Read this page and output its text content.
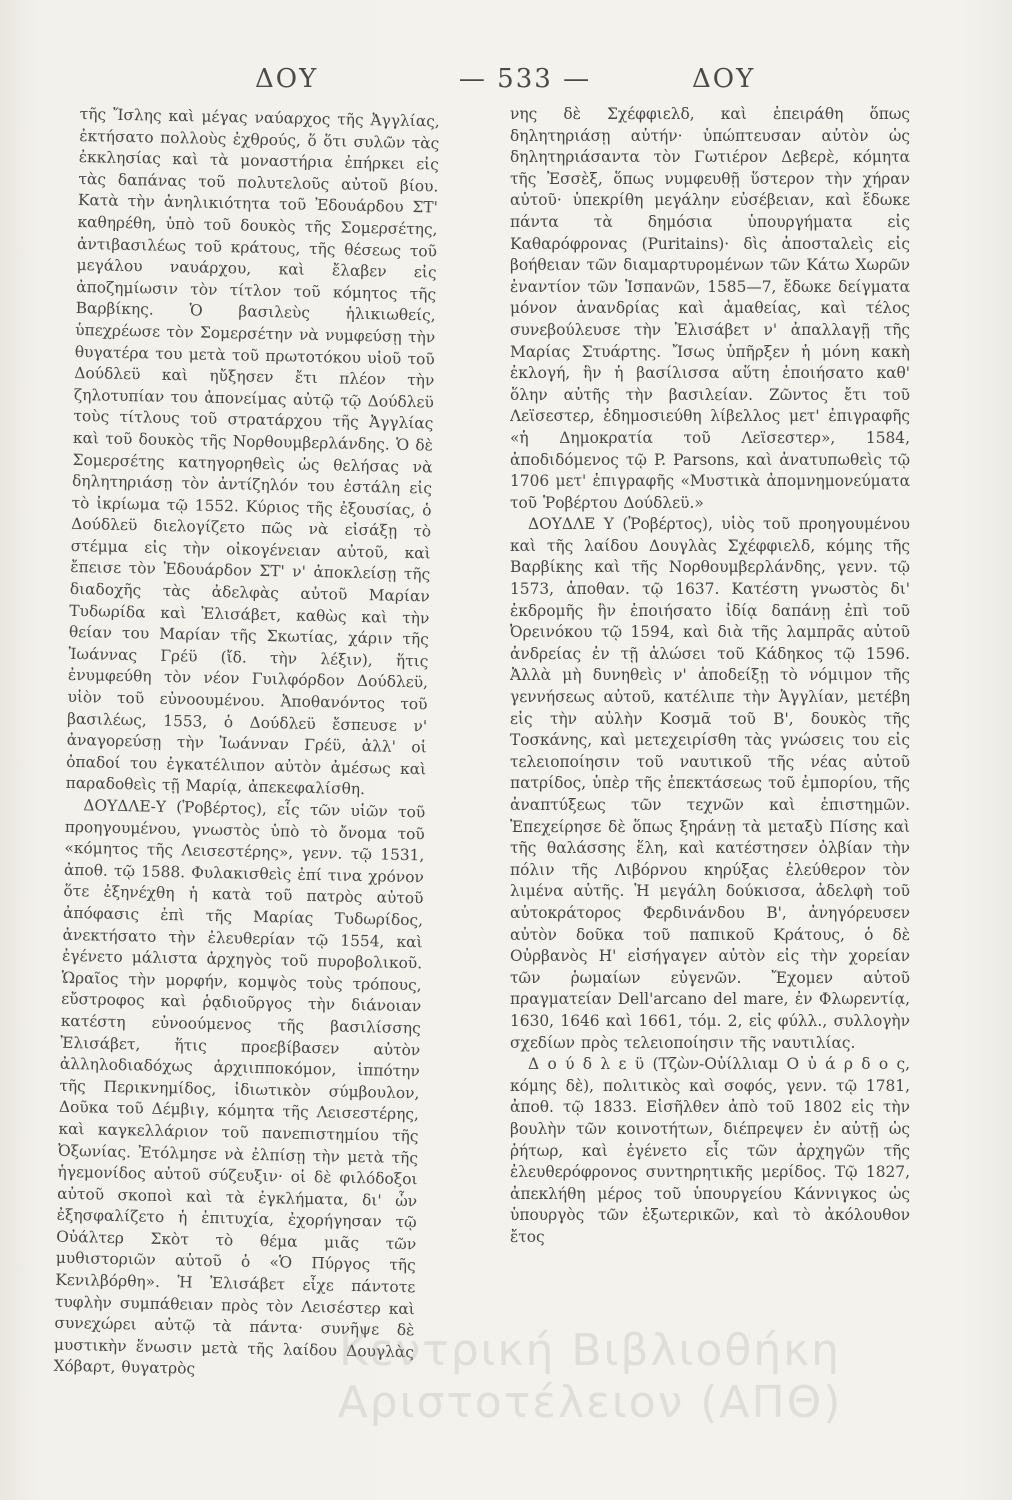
ΔΟΥ	— 533 —	ΔΟΥ

τῆς Ἴσλης καὶ μέγας ναύαρχος τῆς Ἀγγλίας, ἐκτήσατο πολλοὺς ἐχθρούς, ὅ ὅτι συλῶν τὰς ἐκκλησίας καὶ τὰ μοναστήρια ἐπήρκει εἰς τὰς δαπάνας τοῦ πολυτελοῦς αὐτοῦ βίου. Κατὰ τὴν ἀνηλικιότητα τοῦ Ἐδουάρδου ΣΤ' καθηρέθη, ὑπὸ τοῦ δουκὸς τῆς Σομερσέτης, ἀντιβασιλέως τοῦ κράτους, τῆς θέσεως τοῦ μεγάλου ναυάρχου, καὶ ἔλαβεν εἰς ἀποζημίωσιν τὸν τίτλον τοῦ κόμητος τῆς Βαρβίκης. Ὁ βασιλεὺς ἡλικιωθείς, ὑπεχρέωσε τὸν Σομερσέτην νὰ νυμφεύσῃ τὴν θυγατέρα του μετὰ τοῦ πρωτοτόκου υἱοῦ τοῦ Δούδλεϋ καὶ ηὔξησεν ἔτι πλέον τὴν ζηλοτυπίαν του ἀπονείμας αὐτῷ τῷ Δούδλεϋ τοὺς τίτλους τοῦ στρατάρχου τῆς Ἀγγλίας καὶ τοῦ δουκὸς τῆς Νορθουμβερλάνδης. Ὁ δὲ Σομερσέτης κατηγορηθεὶς ὡς θελήσας νὰ δηλητηριάσῃ τὸν ἀντίζηλόν του ἐστάλη εἰς τὸ ἰκρίωμα τῷ 1552. Κύριος τῆς ἐξουσίας, ὁ Δούδλεϋ διελογίζετο πῶς νὰ εἰσάξῃ τὸ στέμμα εἰς τὴν οἰκογένειαν αὐτοῦ, καὶ ἔπεισε τὸν Ἐδουάρδον ΣΤ' ν' ἀποκλείσῃ τῆς διαδοχῆς τὰς ἀδελφὰς αὐτοῦ Μαρίαν Τυδωρίδα καὶ Ἐλισάβετ, καθὼς καὶ τὴν θείαν του Μαρίαν τῆς Σκωτίας, χάριν τῆς Ἰωάννας Γρέϋ (ἴδ. τὴν λέξιν), ἥτις ἐνυμφεύθη τὸν νέον Γυιλφόρδον Δούδλεϋ, υἱὸν τοῦ εὐνοουμένου. Ἀποθανόντος τοῦ βασιλέως, 1553, ὁ Δούδλεϋ ἔσπευσε ν' ἀναγορεύσῃ τὴν Ἰωάνναν Γρέϋ, ἀλλ' οἱ ὀπαδοί του ἐγκατέλιπον αὐτὸν ἀμέσως καὶ παραδοθεὶς τῇ Μαρίᾳ, ἀπεκεφαλίσθη.

ΔΟΥΔΛΕ-Υ (Ῥοβέρτος), εἷς τῶν υἱῶν τοῦ προηγουμένου, γνωστὸς ὑπὸ τὸ ὄνομα τοῦ «κόμητος τῆς Λεισεστέρης», γενν. τῷ 1531, ἀποθ. τῷ 1588. Φυλακισθεὶς ἐπί τινα χρόνον ὅτε ἐξηνέχθη ἡ κατὰ τοῦ πατρὸς αὐτοῦ ἀπόφασις ἐπὶ τῆς Μαρίας Τυδωρίδος, ἀνεκτήσατο τὴν ἐλευθερίαν τῷ 1554, καὶ ἐγένετο μάλιστα ἀρχηγὸς τοῦ πυροβολικοῦ. Ὡραῖος τὴν μορφήν, κομψὸς τοὺς τρόπους, εὔστροφος καὶ ῥᾳδιοῦργος τὴν διάνοιαν κατέστη εὐνοούμενος τῆς βασιλίσσης Ἐλισάβετ, ἥτις προεβίβασεν αὐτὸν ἀλληλοδιαδόχως ἀρχιιπποκόμον, ἱππότην τῆς Περικνημίδος, ἰδιωτικὸν σύμβουλον, Δοῦκα τοῦ Δέμβιγ, κόμητα τῆς Λεισεστέρης, καὶ καγκελλάριον τοῦ πανεπιστημίου τῆς Ὀξωνίας. Ἐτόλμησε νὰ ἐλπίσῃ τὴν μετὰ τῆς ἡγεμονίδος αὐτοῦ σύζευξιν· οἱ δὲ φιλόδοξοι αὐτοῦ σκοποὶ καὶ τὰ ἐγκλήματα, δι' ὧν ἐξησφαλίζετο ἡ ἐπιτυχία, ἐχορήγησαν τῷ Οὐάλτερ Σκὸτ τὸ θέμα μιᾶς τῶν μυθιστοριῶν αὐτοῦ ὁ «Ὁ Πύργος τῆς Κενιλβόρθη». Ἡ Ἐλισάβετ εἶχε πάντοτε τυφλὴν συμπάθειαν πρὸς τὸν Λεισέστερ καὶ συνεχώρει αὐτῷ τὰ πάντα· συνῆψε δὲ μυστικὴν ἕνωσιν μετὰ τῆς λαίδου Δουγλὰς Χόβαρτ, θυγατρὸς

νης δὲ Σχέφφιελδ, καὶ ἐπειράθη ὅπως δηλητηριάσῃ αὐτήν· ὑπώπτευσαν αὐτὸν ὡς δηλητηριάσαντα τὸν Γωτιέρον Δεβερὲ, κόμητα τῆς Ἐσσὲξ, ὅπως νυμφευθῇ ὕστερον τὴν χήραν αὐτοῦ· ὑπεκρίθη μεγάλην εὐσέβειαν, καὶ ἔδωκε πάντα τὰ δημόσια ὑπουργήματα εἰς Καθαρόφρονας (Puritains)· δὶς ἀποσταλεὶς εἰς βοήθειαν τῶν διαμαρτυρομένων τῶν Κάτω Χωρῶν ἐναντίον τῶν Ἱσπανῶν, 1585—7, ἔδωκε δείγματα μόνον ἀνανδρίας καὶ ἀμαθείας, καὶ τέλος συνεβούλευσε τὴν Ἐλισάβετ ν' ἀπαλλαγῇ τῆς Μαρίας Στυάρτης. Ἴσως ὑπῆρξεν ἡ μόνη κακὴ ἐκλογή, ἣν ἡ βασίλισσα αὕτη ἐποιήσατο καθ' ὅλην αὐτῆς τὴν βασιλείαν. Ζῶντος ἔτι τοῦ Λεϊσεστερ, ἐδημοσιεύθη λίβελλος μετ' ἐπιγραφῆς «ἡ Δημοκρατία τοῦ Λεϊσεστερ», 1584, ἀποδιδόμενος τῷ P. Parsons, καὶ ἀνατυπωθεὶς τῷ 1706 μετ' ἐπιγραφῆς «Μυστικὰ ἀπομνημονεύματα τοῦ Ῥοβέρτου Δούδλεϋ.»

ΔΟΥΔΛΕ Υ (Ῥοβέρτος), υἱὸς τοῦ προηγουμένου καὶ τῆς λαίδου Δουγλὰς Σχέφφιελδ, κόμης τῆς Βαρβίκης καὶ τῆς Νορθουμβερλάνδης, γενν. τῷ 1573, ἀποθαν. τῷ 1637. Κατέστη γνωστὸς δι' ἐκδρομῆς ἣν ἐποιήσατο ἰδίᾳ δαπάνῃ ἐπὶ τοῦ Ὀρεινόκου τῷ 1594, καὶ διὰ τῆς λαμπρᾶς αὐτοῦ ἀνδρείας ἐν τῇ ἁλώσει τοῦ Κάδηκος τῷ 1596. Ἀλλὰ μὴ δυνηθεὶς ν' ἀποδείξῃ τὸ νόμιμον τῆς γεννήσεως αὐτοῦ, κατέλιπε τὴν Ἀγγλίαν, μετέβη εἰς τὴν αὐλὴν Κοσμᾶ τοῦ Β', δουκὸς τῆς Τοσκάνης, καὶ μετεχειρίσθη τὰς γνώσεις του εἰς τελειοποίησιν τοῦ ναυτικοῦ τῆς νέας αὐτοῦ πατρίδος, ὑπὲρ τῆς ἐπεκτάσεως τοῦ ἐμπορίου, τῆς ἀναπτύξεως τῶν τεχνῶν καὶ ἐπιστημῶν. Ἐπεχείρησε δὲ ὅπως ξηράνῃ τὰ μεταξὺ Πίσης καὶ τῆς θαλάσσης ἕλη, καὶ κατέστησεν ὀλβίαν τὴν πόλιν τῆς Λιβόρνου κηρύξας ἐλεύθερον τὸν λιμένα αὐτῆς. Ἡ μεγάλη δούκισσα, ἀδελφὴ τοῦ αὐτοκράτορος Φερδινάνδου Β', ἀνηγόρευσεν αὐτὸν δοῦκα τοῦ παπικοῦ Κράτους, ὁ δὲ Οὐρβανὸς Η' εἰσήγαγεν αὐτὸν εἰς τὴν χορείαν τῶν ῥωμαίων εὐγενῶν. Ἔχομεν αὐτοῦ πραγματείαν Dell'arcano del mare, ἐν Φλωρεντίᾳ, 1630, 1646 καὶ 1661, τόμ. 2, εἰς φύλλ., συλλογὴν σχεδίων πρὸς τελειοποίησιν τῆς ναυτιλίας.

Δ ο ύ δ λ ε ϋ (Τζὼν-Οὐίλλιαμ Ο ὐ ά ρ δ ο ς, κόμης δὲ), πολιτικὸς καὶ σοφός, γενν. τῷ 1781, ἀποθ. τῷ 1833. Εἰσῆλθεν ἀπὸ τοῦ 1802 εἰς τὴν βουλὴν τῶν κοινοτήτων, διέπρεψεν ἐν αὐτῇ ὡς ῥήτωρ, καὶ ἐγένετο εἷς τῶν ἀρχηγῶν τῆς ἐλευθερόφρονος συντηρητικῆς μερίδος. Τῷ 1827, ἀπεκλήθη μέρος τοῦ ὑπουργείου Κάννιγκος ὡς ὑπουργὸς τῶν ἐξωτερικῶν, καὶ τὸ ἀκόλουθον ἔτος

Κεντρική Βιβλιοθήκη
Αριστοτέλειον (ΑΠΘ)
